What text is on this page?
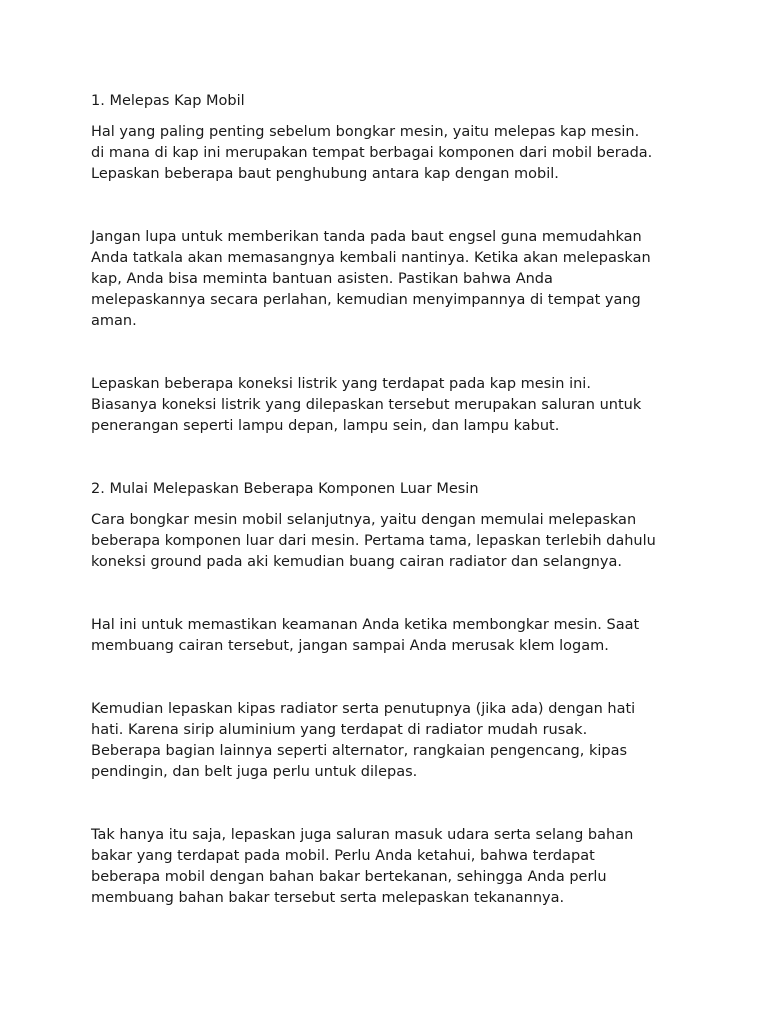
1. Melepas Kap Mobil

Hal yang paling penting sebelum bongkar mesin, yaitu melepas kap mesin.
di mana di kap ini merupakan tempat berbagai komponen dari mobil berada.
Lepaskan beberapa baut penghubung antara kap dengan mobil.

Jangan lupa untuk memberikan tanda pada baut engsel guna memudahkan
Anda tatkala akan memasangnya kembali nantinya. Ketika akan melepaskan
kap, Anda bisa meminta bantuan asisten. Pastikan bahwa Anda
melepaskannya secara perlahan, kemudian menyimpannya di tempat yang
aman.

Lepaskan beberapa koneksi listrik yang terdapat pada kap mesin ini.
Biasanya koneksi listrik yang dilepaskan tersebut merupakan saluran untuk
penerangan seperti lampu depan, lampu sein, dan lampu kabut.

2. Mulai Melepaskan Beberapa Komponen Luar Mesin

Cara bongkar mesin mobil selanjutnya, yaitu dengan memulai melepaskan
beberapa komponen luar dari mesin. Pertama tama, lepaskan terlebih dahulu
koneksi ground pada aki kemudian buang cairan radiator dan selangnya.

Hal ini untuk memastikan keamanan Anda ketika membongkar mesin. Saat
membuang cairan tersebut, jangan sampai Anda merusak klem logam.

Kemudian lepaskan kipas radiator serta penutupnya (jika ada) dengan hati
hati. Karena sirip aluminium yang terdapat di radiator mudah rusak.
Beberapa bagian lainnya seperti alternator, rangkaian pengencang, kipas
pendingin, dan belt juga perlu untuk dilepas.

Tak hanya itu saja, lepaskan juga saluran masuk udara serta selang bahan
bakar yang terdapat pada mobil. Perlu Anda ketahui, bahwa terdapat
beberapa mobil dengan bahan bakar bertekanan, sehingga Anda perlu
membuang bahan bakar tersebut serta melepaskan tekanannya.
